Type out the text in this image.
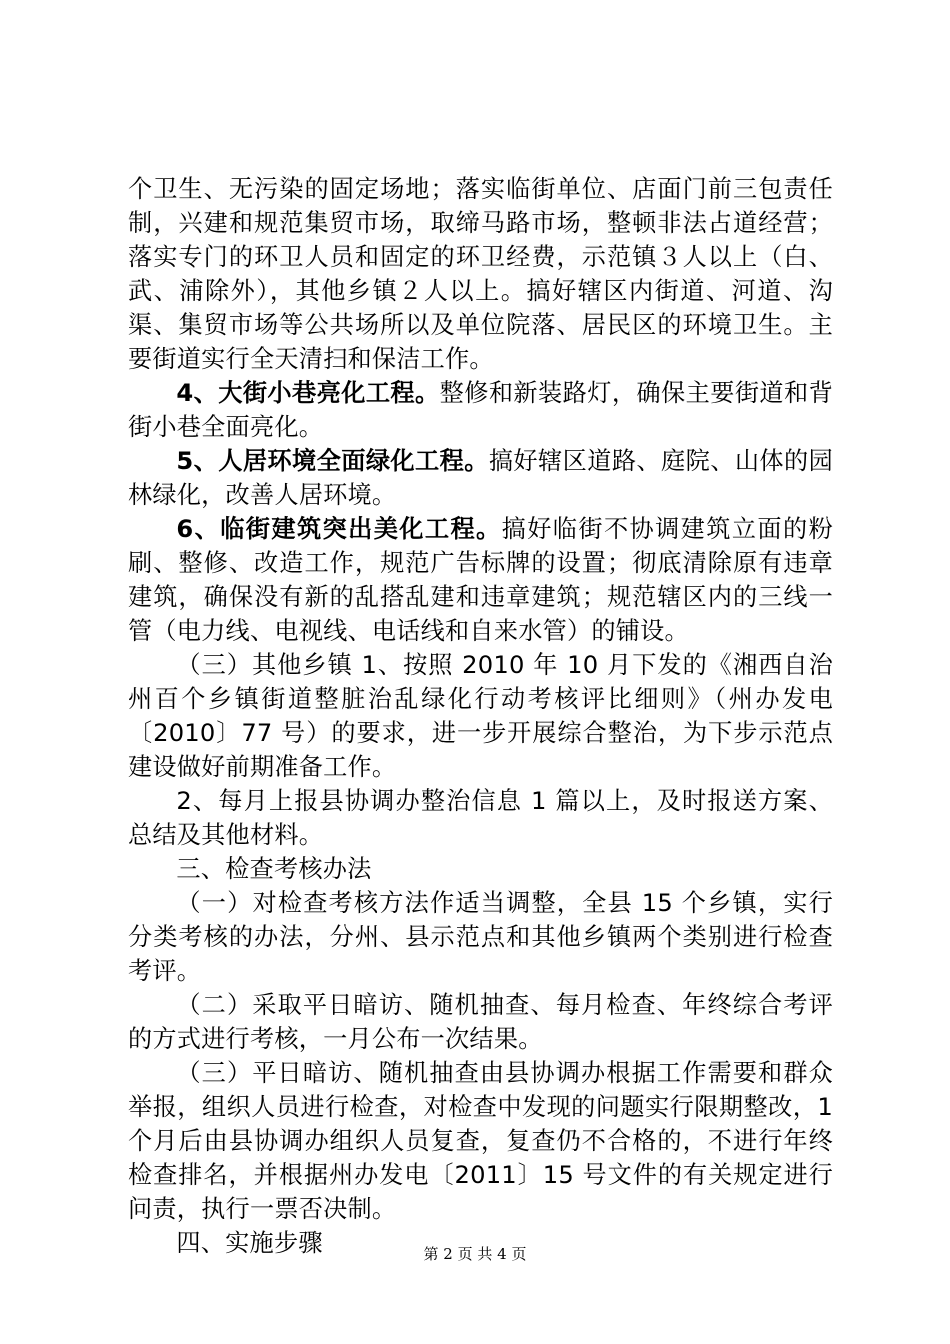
个卫生、无污染的固定场地；落实临街单位、店面门前三包责任制，兴建和规范集贸市场，取缔马路市场，整顿非法占道经营；落实专门的环卫人员和固定的环卫经费，示范镇３人以上（白、武、浦除外），其他乡镇２人以上。搞好辖区内街道、河道、沟渠、集贸市场等公共场所以及单位院落、居民区的环境卫生。主要街道实行全天清扫和保洁工作。

4、大街小巷亮化工程。整修和新装路灯，确保主要街道和背街小巷全面亮化。

5、人居环境全面绿化工程。搞好辖区道路、庭院、山体的园林绿化，改善人居环境。

6、临街建筑突出美化工程。搞好临街不协调建筑立面的粉刷、整修、改造工作，规范广告标牌的设置；彻底清除原有违章建筑，确保没有新的乱搭乱建和违章建筑；规范辖区内的三线一管（电力线、电视线、电话线和自来水管）的铺设。

（三）其他乡镇 1、按照 2010 年 10 月下发的《湘西自治州百个乡镇街道整脏治乱绿化行动考核评比细则》（州办发电〔2010〕77 号）的要求，进一步开展综合整治，为下步示范点建设做好前期准备工作。

2、每月上报县协调办整治信息 1 篇以上，及时报送方案、总结及其他材料。

三、检查考核办法

（一）对检查考核方法作适当调整，全县 15 个乡镇，实行分类考核的办法，分州、县示范点和其他乡镇两个类别进行检查考评。

（二）采取平日暗访、随机抽查、每月检查、年终综合考评的方式进行考核，一月公布一次结果。

（三）平日暗访、随机抽查由县协调办根据工作需要和群众举报，组织人员进行检查，对检查中发现的问题实行限期整改，1 个月后由县协调办组织人员复查，复查仍不合格的，不进行年终检查排名，并根据州办发电〔2011〕15 号文件的有关规定进行问责，执行一票否决制。

四、实施步骤	第 2 页 共 4 页
